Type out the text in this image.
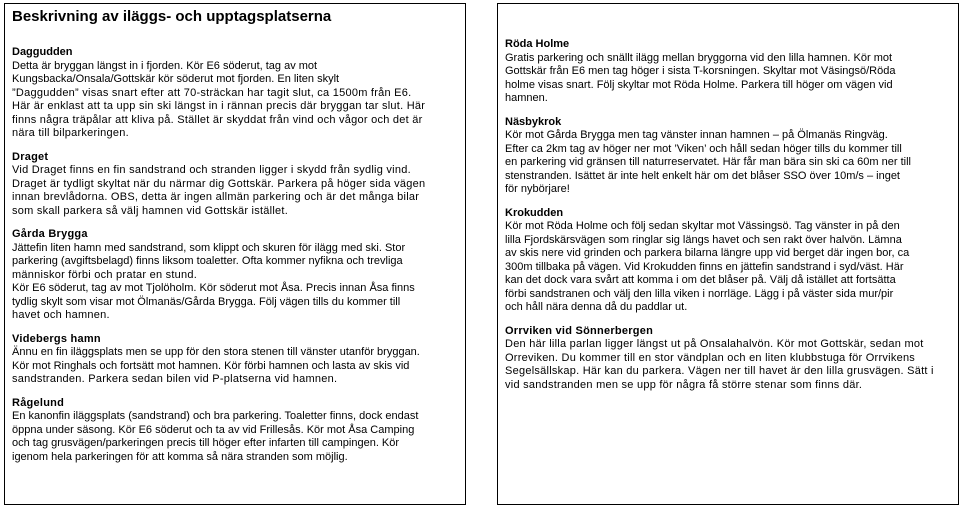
Beskrivning av iläggs- och upptagsplatserna
Daggudden

Detta är bryggan längst in i fjorden. Kör E6 söderut, tag av mot

Kungsbacka/Onsala/Gottskär kör söderut mot fjorden. En liten skylt

”Daggudden” visas snart efter att 70-sträckan har tagit slut, ca 1500m från E6.

Här är enklast att ta upp sin ski längst in i rännan precis där bryggan tar slut. Här

finns några träpålar att kliva på. Stället är skyddat från vind och vågor och det är

nära till bilparkeringen.

Draget

Vid Draget finns en fin sandstrand och stranden ligger i skydd från sydlig vind.

Draget är tydligt skyltat när du närmar dig Gottskär. Parkera på höger sida vägen

innan brevlådorna. OBS, detta är ingen allmän parkering och är det många bilar

som skall parkera så välj hamnen vid Gottskär istället.

Gårda Brygga

Jättefin liten hamn med sandstrand, som klippt och skuren för ilägg med ski. Stor

parkering (avgiftsbelagd) finns liksom toaletter. Ofta kommer nyfikna och trevliga

människor förbi och pratar en stund.

Kör E6 söderut, tag av mot Tjolöholm. Kör söderut mot Åsa. Precis innan Åsa finns

tydlig skylt som visar mot Ölmanäs/Gårda Brygga. Följ vägen tills du kommer till

havet och hamnen.

Videbergs hamn

Ännu en fin iläggsplats men se upp för den stora stenen till vänster utanför bryggan.

Kör mot Ringhals och fortsätt mot hamnen. Kör förbi hamnen och lasta av skis vid

sandstranden. Parkera sedan bilen vid P-platserna vid hamnen.

Rågelund

En kanonfin iläggsplats (sandstrand) och bra parkering. Toaletter finns, dock endast

öppna under säsong. Kör E6 söderut och ta av vid Frillesås. Kör mot Åsa Camping

och tag grusvägen/parkeringen precis till höger efter infarten till campingen. Kör

igenom hela parkeringen för att komma så nära stranden som möjlig.

Röda Holme

Gratis parkering och snällt ilägg mellan bryggorna vid den lilla hamnen. Kör mot

Gottskär från E6 men tag höger i sista T-korsningen. Skyltar mot Väsingsö/Röda

holme visas snart. Följ skyltar mot Röda Holme. Parkera till höger om vägen vid

hamnen.

Näsbykrok

Kör mot Gårda Brygga men tag vänster innan hamnen – på Ölmanäs Ringväg.

Efter ca 2km tag av höger ner mot ’Viken’ och håll sedan höger tills du kommer till

en parkering vid gränsen till naturreservatet. Här får man bära sin ski ca 60m ner till

stenstranden. Isättet är inte helt enkelt här om det blåser SSO över 10m/s – inget

för nybörjare!

Krokudden

Kör mot Röda Holme och följ sedan skyltar mot Vässingsö. Tag vänster in på den

lilla Fjordskärsvägen som ringlar sig längs havet och sen rakt över halvön. Lämna

av skis nere vid grinden och parkera bilarna längre upp vid berget där ingen bor, ca

300m tillbaka på vägen. Vid Krokudden finns en jättefin sandstrand i syd/väst. Här

kan det dock vara svårt att komma i om det blåser på. Välj då istället att fortsätta

förbi sandstranen och välj den lilla viken i norrläge. Lägg i på väster sida mur/pir

och håll nära denna då du paddlar ut.

Orrviken vid Sönnerbergen

Den här lilla parlan ligger längst ut på Onsalahalvön. Kör mot Gottskär, sedan mot

Orreviken. Du kommer till en stor vändplan och en liten klubbstuga för Orrvikens

Segelsällskap. Här kan du parkera. Vägen ner till havet är den lilla grusvägen. Sätt i

vid sandstranden men se upp för några få större stenar som finns där.
